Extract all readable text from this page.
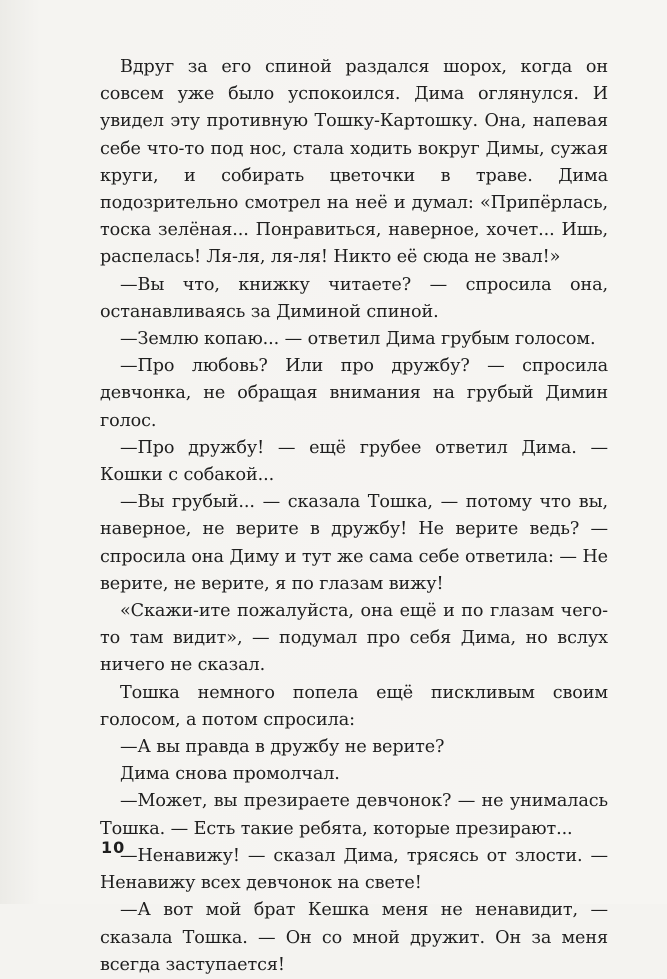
Вдруг за его спиной раздался шорох, когда он совсем уже было успокоился. Дима оглянулся. И увидел эту противную Тошку-Картошку. Она, напевая себе что-то под нос, стала ходить вокруг Димы, сужая круги, и собирать цветочки в траве. Дима подозрительно смотрел на неё и думал: «Припёрлась, тоска зелёная... Понравиться, наверное, хочет... Ишь, распелась! Ля-ля, ля-ля! Никто её сюда не звал!»

—Вы что, книжку читаете? — спросила она, останавливаясь за Диминой спиной.

—Землю копаю... — ответил Дима грубым голосом.

—Про любовь? Или про дружбу? — спросила девчонка, не обращая внимания на грубый Димин голос.

—Про дружбу! — ещё грубее ответил Дима. — Кошки с собакой...

—Вы грубый... — сказала Тошка, — потому что вы, наверное, не верите в дружбу! Не верите ведь? — спросила она Диму и тут же сама себе ответила: — Не верите, не верите, я по глазам вижу!

«Скажи-ите пожалуйста, она ещё и по глазам чего-то там видит», — подумал про себя Дима, но вслух ничего не сказал.

Тошка немного попела ещё пискливым своим голосом, а потом спросила:

—А вы правда в дружбу не верите?

Дима снова промолчал.

—Может, вы презираете девчонок? — не унималась Тошка. — Есть такие ребята, которые презирают...

—Ненавижу! — сказал Дима, трясясь от злости. — Ненавижу всех девчонок на свете!

—А вот мой брат Кешка меня не ненавидит, — сказала Тошка. — Он со мной дружит. Он за меня всегда заступается!

10
